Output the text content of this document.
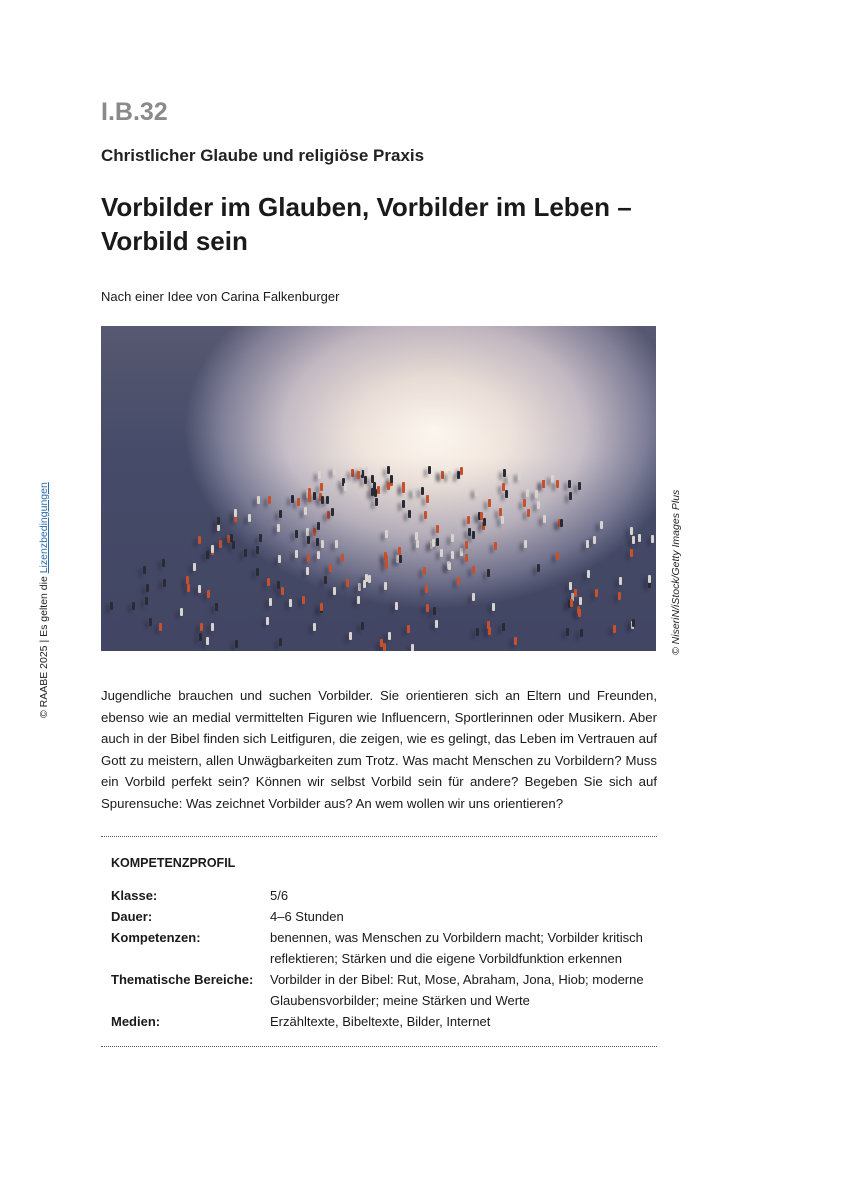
I.B.32
Christlicher Glaube und religiöse Praxis
Vorbilder im Glauben, Vorbilder im Leben –
Vorbild sein
Nach einer Idee von Carina Falkenburger
© NiseriN/iStock/Getty Images Plus
© RAABE 2025 | Es gelten die Lizenzbedingungen
Jugendliche brauchen und suchen Vorbilder. Sie orientieren sich an Eltern und Freunden, ebenso wie an medial vermittelten Figuren wie Influencern, Sportlerinnen oder Musikern. Aber auch in der Bibel finden sich Leitfiguren, die zeigen, wie es gelingt, das Leben im Vertrauen auf Gott zu meistern, allen Unwägbarkeiten zum Trotz. Was macht Menschen zu Vorbildern? Muss ein Vorbild perfekt sein? Können wir selbst Vorbild sein für andere? Begeben Sie sich auf Spurensuche: Was zeichnet Vorbilder aus? An wem wollen wir uns orientieren?
KOMPETENZPROFIL
Klasse:	5/6
Dauer:	4–6 Stunden
Kompetenzen:	benennen, was Menschen zu Vorbildern macht; Vorbilder kritisch reflektieren; Stärken und die eigene Vorbildfunktion erkennen
Thematische Bereiche:	Vorbilder in der Bibel: Rut, Mose, Abraham, Jona, Hiob; moderne Glaubensvorbilder; meine Stärken und Werte
Medien:	Erzähltexte, Bibeltexte, Bilder, Internet
